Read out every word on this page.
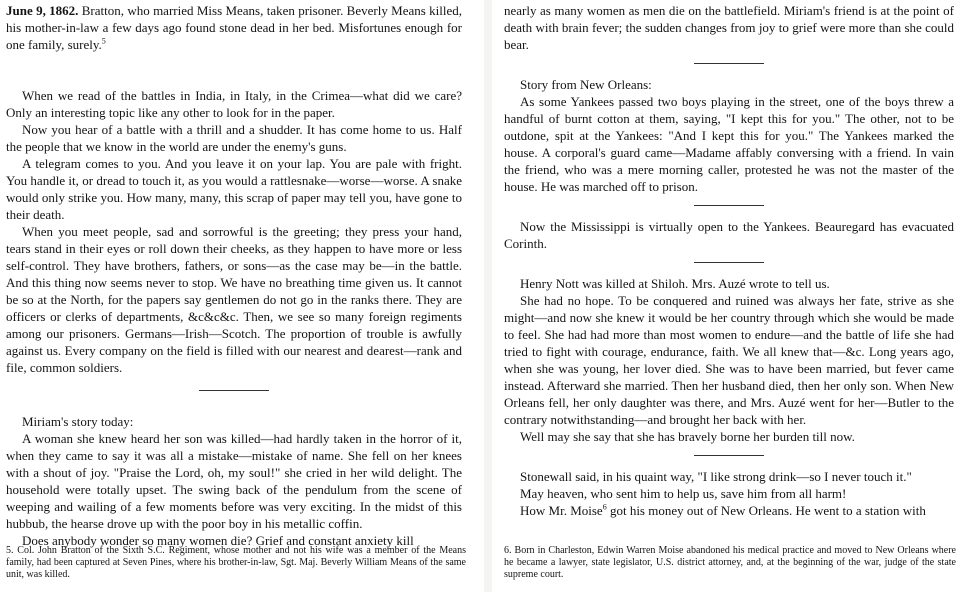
June 9, 1862. Bratton, who married Miss Means, taken prisoner. Beverly Means killed, his mother-in-law a few days ago found stone dead in her bed. Misfortunes enough for one family, surely.$^5$

When we read of the battles in India, in Italy, in the Crimea—what did we care? Only an interesting topic like any other to look for in the paper.

Now you hear of a battle with a thrill and a shudder. It has come home to us. Half the people that we know in the world are under the enemy's guns.

A telegram comes to you. And you leave it on your lap. You are pale with fright. You handle it, or dread to touch it, as you would a rattlesnake—worse—worse. A snake would only strike you. How many, many, this scrap of paper may tell you, have gone to their death.

When you meet people, sad and sorrowful is the greeting; they press your hand, tears stand in their eyes or roll down their cheeks, as they happen to have more or less self-control. They have brothers, fathers, or sons—as the case may be—in the battle. And this thing now seems never to stop. We have no breathing time given us. It cannot be so at the North, for the papers say gentlemen do not go in the ranks there. They are officers or clerks of departments, &c&c&c. Then, we see so many foreign regiments among our prisoners. Germans—Irish—Scotch. The proportion of trouble is awfully against us. Every company on the field is filled with our nearest and dearest—rank and file, common soldiers.

Miriam's story today:

A woman she knew heard her son was killed—had hardly taken in the horror of it, when they came to say it was all a mistake—mistake of name. She fell on her knees with a shout of joy. "Praise the Lord, oh, my soul!" she cried in her wild delight. The household were totally upset. The swing back of the pendulum from the scene of weeping and wailing of a few moments before was very exciting. In the midst of this hubbub, the hearse drove up with the poor boy in his metallic coffin.

Does anybody wonder so many women die? Grief and constant anxiety kill

5. Col. John Bratton of the Sixth S.C. Regiment, whose mother and not his wife was a member of the Means family, had been captured at Seven Pines, where his brother-in-law, Sgt. Maj. Beverly William Means of the same unit, was killed.

nearly as many women as men die on the battlefield. Miriam's friend is at the point of death with brain fever; the sudden changes from joy to grief were more than she could bear.

Story from New Orleans:

As some Yankees passed two boys playing in the street, one of the boys threw a handful of burnt cotton at them, saying, "I kept this for you." The other, not to be outdone, spit at the Yankees: "And I kept this for you." The Yankees marked the house. A corporal's guard came—Madame affably conversing with a friend. In vain the friend, who was a mere morning caller, protested he was not the master of the house. He was marched off to prison.

Now the Mississippi is virtually open to the Yankees. Beauregard has evacuated Corinth.

Henry Nott was killed at Shiloh. Mrs. Auzé wrote to tell us.

She had no hope. To be conquered and ruined was always her fate, strive as she might—and now she knew it would be her country through which she would be made to feel. She had had more than most women to endure—and the battle of life she had tried to fight with courage, endurance, faith. We all knew that—&c. Long years ago, when she was young, her lover died. She was to have been married, but fever came instead. Afterward she married. Then her husband died, then her only son. When New Orleans fell, her only daughter was there, and Mrs. Auzé went for her—Butler to the contrary notwithstanding—and brought her back with her.

Well may she say that she has bravely borne her burden till now.

Stonewall said, in his quaint way, "I like strong drink—so I never touch it."

May heaven, who sent him to help us, save him from all harm!

How Mr. Moise$^6$ got his money out of New Orleans. He went to a station with

6. Born in Charleston, Edwin Warren Moise abandoned his medical practice and moved to New Orleans where he became a lawyer, state legislator, U.S. district attorney, and, at the beginning of the war, judge of the state supreme court.
